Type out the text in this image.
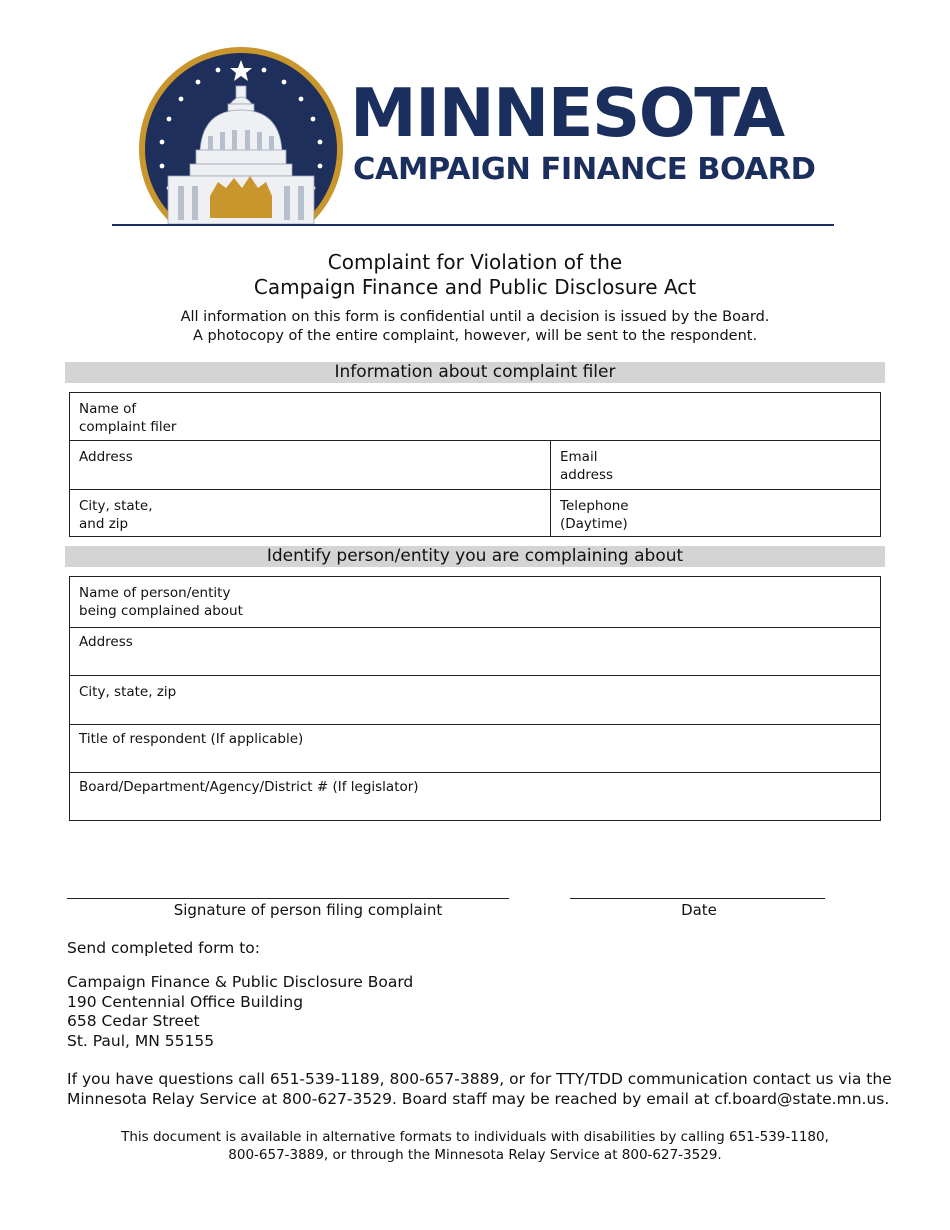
MINNESOTA
CAMPAIGN FINANCE BOARD
Complaint for Violation of the
Campaign Finance and Public Disclosure Act
All information on this form is confidential until a decision is issued by the Board.
A photocopy of the entire complaint, however, will be sent to the respondent.
Information about complaint filer
Name of
complaint filer
Address	Email
address
City, state,
and zip
Telephone
(Daytime)
Identify person/entity you are complaining about
Name of person/entity
being complained about
Address
City, state, zip
Title of respondent (If applicable)
Board/Department/Agency/District # (If legislator)
Signature of person filing complaint	Date
Send completed form to:
Campaign Finance & Public Disclosure Board
190 Centennial Office Building
658 Cedar Street
St. Paul, MN 55155
If you have questions call 651-539-1189, 800-657-3889, or for TTY/TDD communication contact us via the
Minnesota Relay Service at 800-627-3529. Board staff may be reached by email at cf.board@state.mn.us.
This document is available in alternative formats to individuals with disabilities by calling 651-539-1180,
800-657-3889, or through the Minnesota Relay Service at 800-627-3529.
